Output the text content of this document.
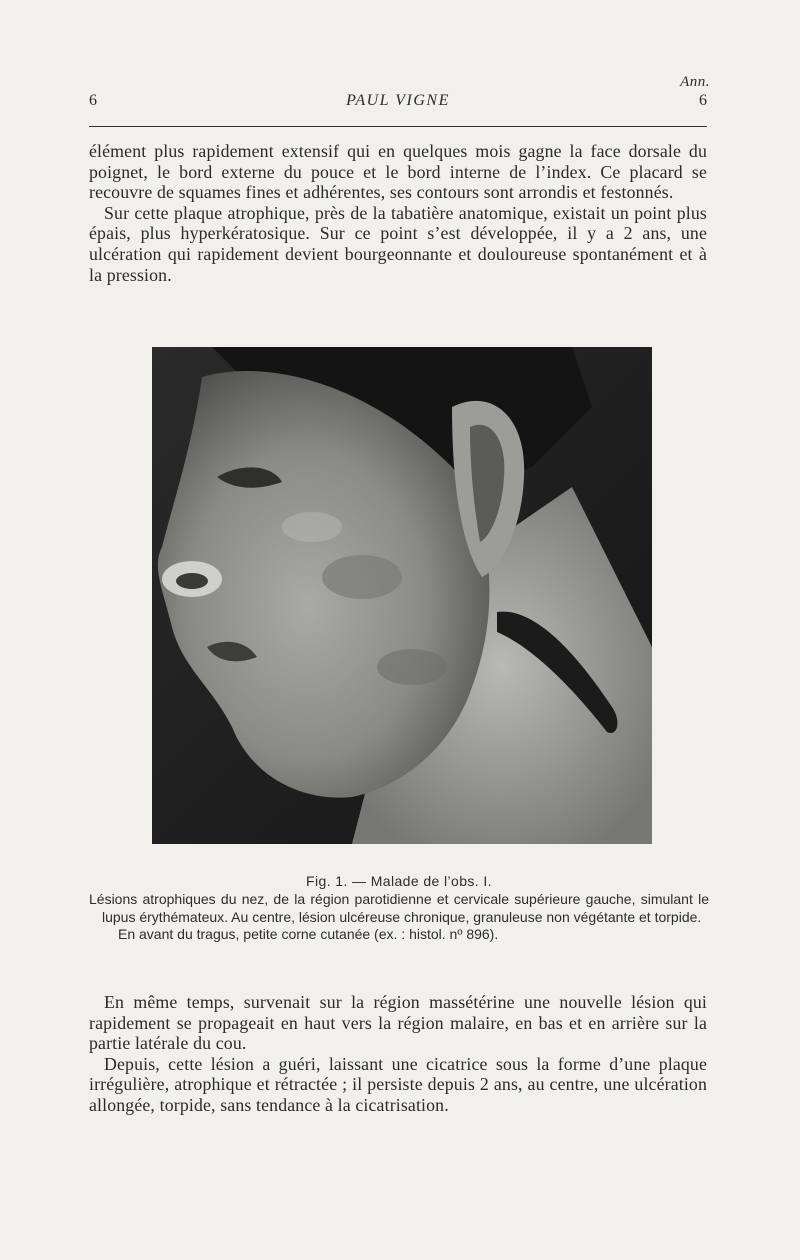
Ann.
6	PAUL VIGNE	6

élément plus rapidement extensif qui en quelques mois gagne la face dorsale du poignet, le bord externe du pouce et le bord interne de l’index. Ce placard se recouvre de squames fines et adhérentes, ses contours sont arrondis et festonnés.

Sur cette plaque atrophique, près de la tabatière anatomique, existait un point plus épais, plus hyperkératosique. Sur ce point s’est développée, il y a 2 ans, une ulcération qui rapidement devient bourgeonnante et douloureuse spontanément et à la pression.

Fig. 1. — Malade de l’obs. I.

Lésions atrophiques du nez, de la région parotidienne et cervicale supérieure gauche, simulant le lupus érythémateux. Au centre, lésion ulcéreuse chronique, granuleuse non végétante et torpide.

En avant du tragus, petite corne cutanée (ex. : histol. nº 896).

En même temps, survenait sur la région massétérine une nouvelle lésion qui rapidement se propageait en haut vers la région malaire, en bas et en arrière sur la partie latérale du cou.

Depuis, cette lésion a guéri, laissant une cicatrice sous la forme d’une plaque irrégulière, atrophique et rétractée ; il persiste depuis 2 ans, au centre, une ulcération allongée, torpide, sans tendance à la cicatrisation.
